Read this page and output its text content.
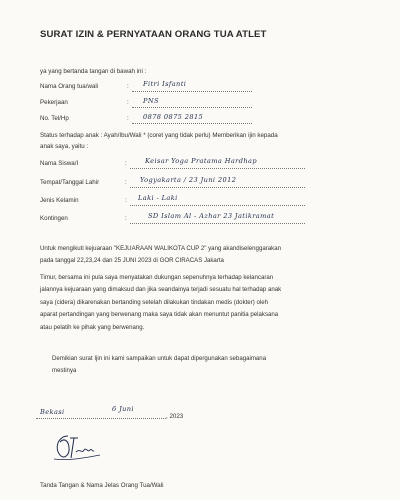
SURAT IZIN & PERNYATAAN ORANG TUA ATLET
ya yang bertanda tangan di bawah ini :
Nama Orang tua/wali	: Fitri Isfanti
Pekerjaan	: PNS
No. Tel/Hp	: 0878 0875 2815
Status terhadap anak : Ayah/Ibu/Wali * (coret yang tidak perlu) Memberikan ijin kepada
anak saya, yaitu :
Nama Siswa/I	:	Keisar Yoga Pratama Hardhap
Tempat/Tanggal Lahir	: Yogyakarta / 23 Juni 2012
Jenis Kelamin	: Laki - Laki
Kontingen	:	SD Islam Al - Azhar 23 Jatikramat
Untuk mengikuti kejuaraan "KEJUARAAN WALIKOTA CUP 2" yang akandiselenggarakan
pada tanggal 22,23,24 dan 25 JUNI 2023 di GOR CIRACAS Jakarta
Timur, bersama ini pula saya menyatakan dukungan sepenuhnya terhadap kelancaran
jalannya kejuaraan yang dimaksud dan jika seandainya terjadi sesuatu hal terhadap anak
saya (cidera) dikarenakan bertanding setelah dilakukan tindakan medis (dokter) oleh
aparat pertandingan yang berwenang maka saya tidak akan menuntut panitia pelaksana
atau pelatih ke pihak yang berwenang.
Demikian surat Ijin ini kami sampaikan untuk dapat dipergunakan sebagaimana
mestinya
Bekasi	6 Juni
, 2023
Tanda Tangan & Nama Jelas Orang Tua/Wali
